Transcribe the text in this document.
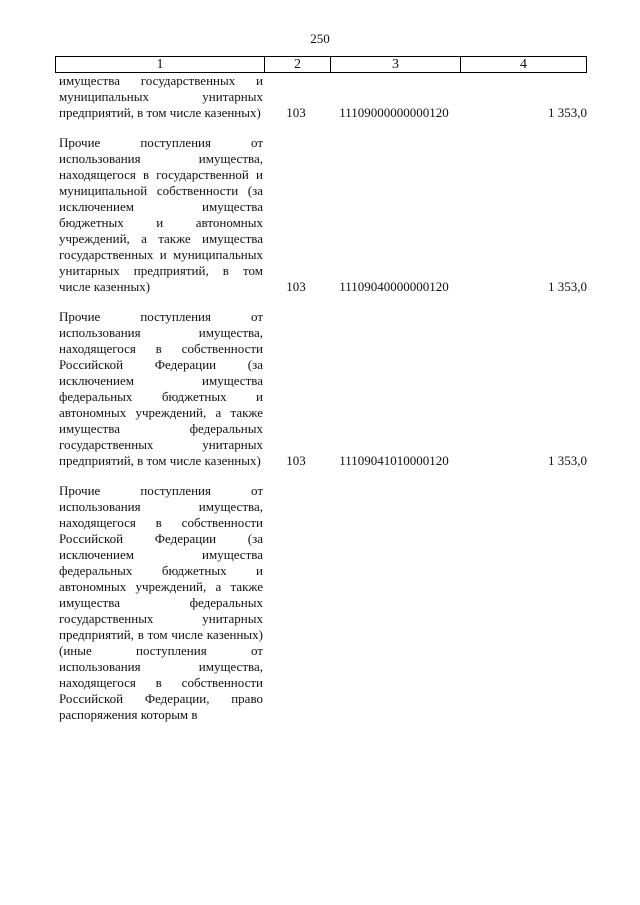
250
1	2	3	4
имущества государственных и муниципальных унитарных предприятий, в том числе казенных)	103	11109000000000120	1 353,0
Прочие поступления от использования имущества, находящегося в государственной и муниципальной собственности (за исключением имущества бюджетных и автономных учреждений, а также имущества государственных и муниципальных унитарных предприятий, в том числе казенных)	103	11109040000000120	1 353,0
Прочие поступления от использования имущества, находящегося в собственности Российской Федерации (за исключением имущества федеральных бюджетных и автономных учреждений, а также имущества федеральных государственных унитарных предприятий, в том числе казенных)	103	11109041010000120	1 353,0
Прочие поступления от использования имущества, находящегося в собственности Российской Федерации (за исключением имущества федеральных бюджетных и автономных учреждений, а также имущества федеральных государственных унитарных предприятий, в том числе казенных) (иные поступления от использования имущества, находящегося в собственности Российской Федерации, право распоряжения которым в
